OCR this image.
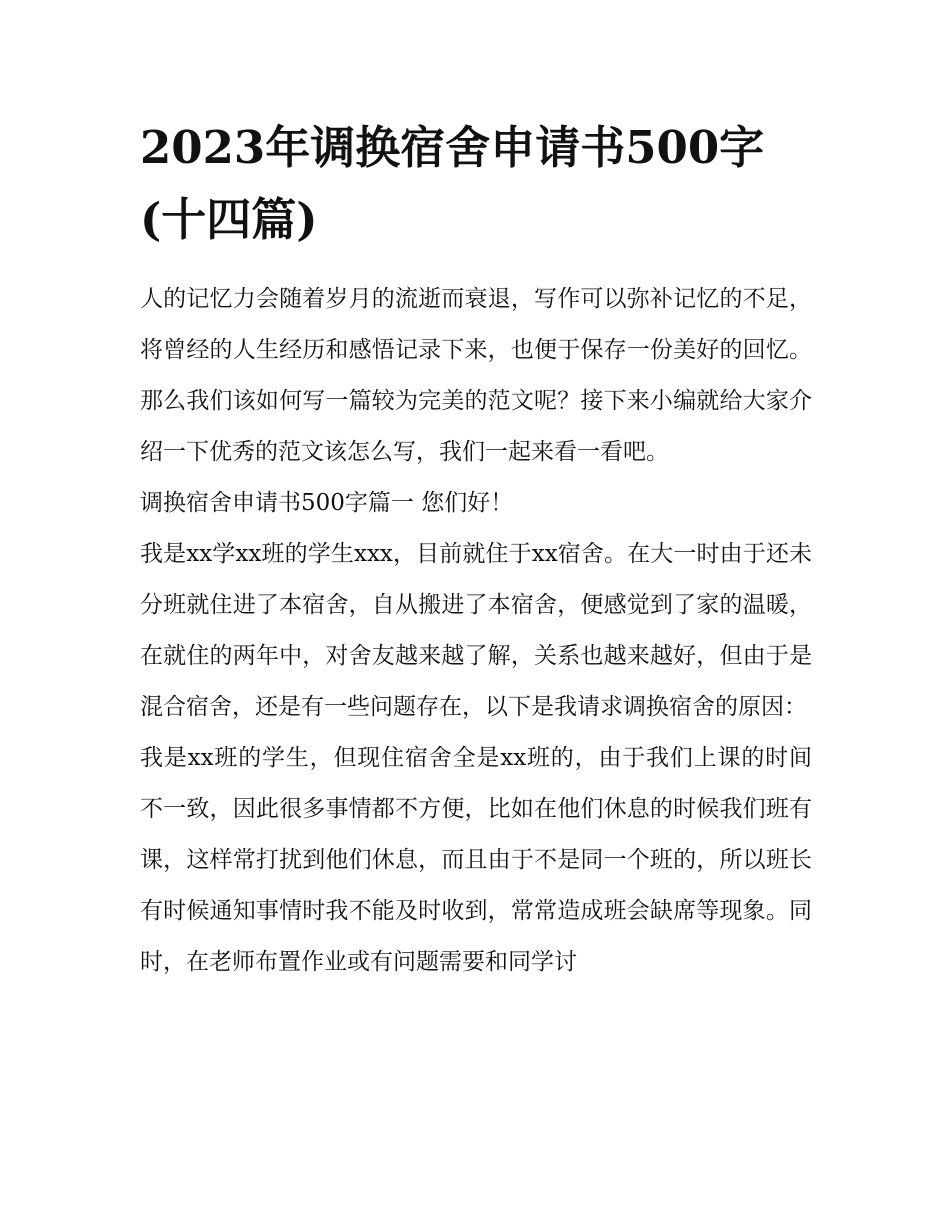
2023年调换宿舍申请书500字(十四篇)

人的记忆力会随着岁月的流逝而衰退，写作可以弥补记忆的不足，将曾经的人生经历和感悟记录下来，也便于保存一份美好的回忆。那么我们该如何写一篇较为完美的范文呢？接下来小编就给大家介绍一下优秀的范文该怎么写，我们一起来看一看吧。

调换宿舍申请书500字篇一 您们好！

我是xx学xx班的学生xxx，目前就住于xx宿舍。在大一时由于还未分班就住进了本宿舍，自从搬进了本宿舍，便感觉到了家的温暖，在就住的两年中，对舍友越来越了解，关系也越来越好，但由于是混合宿舍，还是有一些问题存在，以下是我请求调换宿舍的原因：

我是xx班的学生，但现住宿舍全是xx班的，由于我们上课的时间不一致，因此很多事情都不方便，比如在他们休息的时候我们班有课，这样常打扰到他们休息，而且由于不是同一个班的，所以班长有时候通知事情时我不能及时收到，常常造成班会缺席等现象。同时，在老师布置作业或有问题需要和同学讨
